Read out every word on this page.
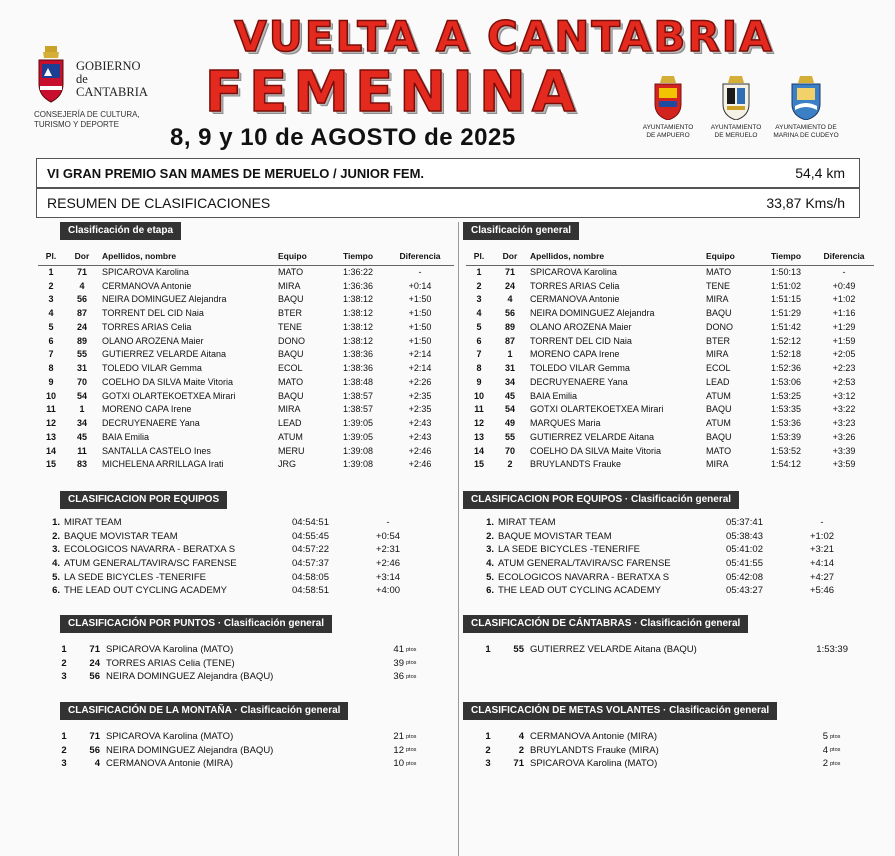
GOBIERNO
de
CANTABRIA
CONSEJERÍA DE CULTURA,
TURISMO Y DEPORTE
VUELTA A CANTABRIA
FEMENINA
8, 9 y 10 de AGOSTO de 2025	AYUNTAMIENTO
DE AMPUERO
AYUNTAMIENTO
DE MERUELO
AYUNTAMIENTO DE
MARINA DE CUDEYO
VI GRAN PREMIO SAN MAMES DE MERUELO / JUNIOR FEM.	54,4 km
RESUMEN DE CLASIFICACIONES	33,87 Kms/h
Clasificación de etapa
Pl.	Dor	Apellidos, nombre	Equipo	Tiempo	Diferencia
1	71	SPICAROVA Karolina	MATO	1:36:22	-
2	4	CERMANOVA Antonie	MIRA	1:36:36	+0:14
3	56	NEIRA DOMINGUEZ Alejandra	BAQU	1:38:12	+1:50
4	87	TORRENT DEL CID Naia	BTER	1:38:12	+1:50
5	24	TORRES ARIAS Celia	TENE	1:38:12	+1:50
6	89	OLANO AROZENA Maier	DONO	1:38:12	+1:50
7	55	GUTIERREZ VELARDE Aitana	BAQU	1:38:36	+2:14
8	31	TOLEDO VILAR Gemma	ECOL	1:38:36	+2:14
9	70	COELHO DA SILVA Maite Vitoria	MATO	1:38:48	+2:26
10	54	GOTXI OLARTEKOETXEA Mirari	BAQU	1:38:57	+2:35
11	1	MORENO CAPA Irene	MIRA	1:38:57	+2:35
12	34	DECRUYENAERE Yana	LEAD	1:39:05	+2:43
13	45	BAIA Emilia	ATUM	1:39:05	+2:43
14	11	SANTALLA CASTELO Ines	MERU	1:39:08	+2:46
15	83	MICHELENA ARRILLAGA Irati	JRG	1:39:08	+2:46
Clasificación general
Pl.	Dor	Apellidos, nombre	Equipo	Tiempo	Diferencia
1	71	SPICAROVA Karolina	MATO	1:50:13	-
2	24	TORRES ARIAS Celia	TENE	1:51:02	+0:49
3	4	CERMANOVA Antonie	MIRA	1:51:15	+1:02
4	56	NEIRA DOMINGUEZ Alejandra	BAQU	1:51:29	+1:16
5	89	OLANO AROZENA Maier	DONO	1:51:42	+1:29
6	87	TORRENT DEL CID Naia	BTER	1:52:12	+1:59
7	1	MORENO CAPA Irene	MIRA	1:52:18	+2:05
8	31	TOLEDO VILAR Gemma	ECOL	1:52:36	+2:23
9	34	DECRUYENAERE Yana	LEAD	1:53:06	+2:53
10	45	BAIA Emilia	ATUM	1:53:25	+3:12
11	54	GOTXI OLARTEKOETXEA Mirari	BAQU	1:53:35	+3:22
12	49	MARQUES Maria	ATUM	1:53:36	+3:23
13	55	GUTIERREZ VELARDE Aitana	BAQU	1:53:39	+3:26
14	70	COELHO DA SILVA Maite Vitoria	MATO	1:53:52	+3:39
15	2	BRUYLANDTS Frauke	MIRA	1:54:12	+3:59
CLASIFICACION POR EQUIPOS
1. MIRAT TEAM	04:54:51	-
2. BAQUE MOVISTAR TEAM	04:55:45	+0:54
3. ECOLOGICOS NAVARRA - BERATXA S	04:57:22	+2:31
4. ATUM GENERAL/TAVIRA/SC FARENSE	04:57:37	+2:46
5. LA SEDE BICYCLES -TENERIFE	04:58:05	+3:14
6. THE LEAD OUT CYCLING ACADEMY	04:58:51	+4:00
CLASIFICACION POR EQUIPOS · Clasificación general
1. MIRAT TEAM	05:37:41	-
2. BAQUE MOVISTAR TEAM	05:38:43	+1:02
3. LA SEDE BICYCLES -TENERIFE	05:41:02	+3:21
4. ATUM GENERAL/TAVIRA/SC FARENSE	05:41:55	+4:14
5. ECOLOGICOS NAVARRA - BERATXA S	05:42:08	+4:27
6. THE LEAD OUT CYCLING ACADEMY	05:43:27	+5:46
CLASIFICACIÓN POR PUNTOS · Clasificación general
1	71 SPICAROVA Karolina (MATO)	41 ptos
2	24 TORRES ARIAS Celia (TENE)	39 ptos
3	56 NEIRA DOMINGUEZ Alejandra (BAQU)	36 ptos
CLASIFICACIÓN DE CÁNTABRAS · Clasificación general
1	55 GUTIERREZ VELARDE Aitana (BAQU)	1:53:39
CLASIFICACIÓN DE LA MONTAÑA · Clasificación general
1	71 SPICAROVA Karolina (MATO)	21 ptos
2	56 NEIRA DOMINGUEZ Alejandra (BAQU)	12 ptos
3	4 CERMANOVA Antonie (MIRA)	10 ptos
CLASIFICACIÓN DE METAS VOLANTES · Clasificación general
1	4 CERMANOVA Antonie (MIRA)	5 ptos
2	2 BRUYLANDTS Frauke (MIRA)	4 ptos
3	71 SPICAROVA Karolina (MATO)	2 ptos
